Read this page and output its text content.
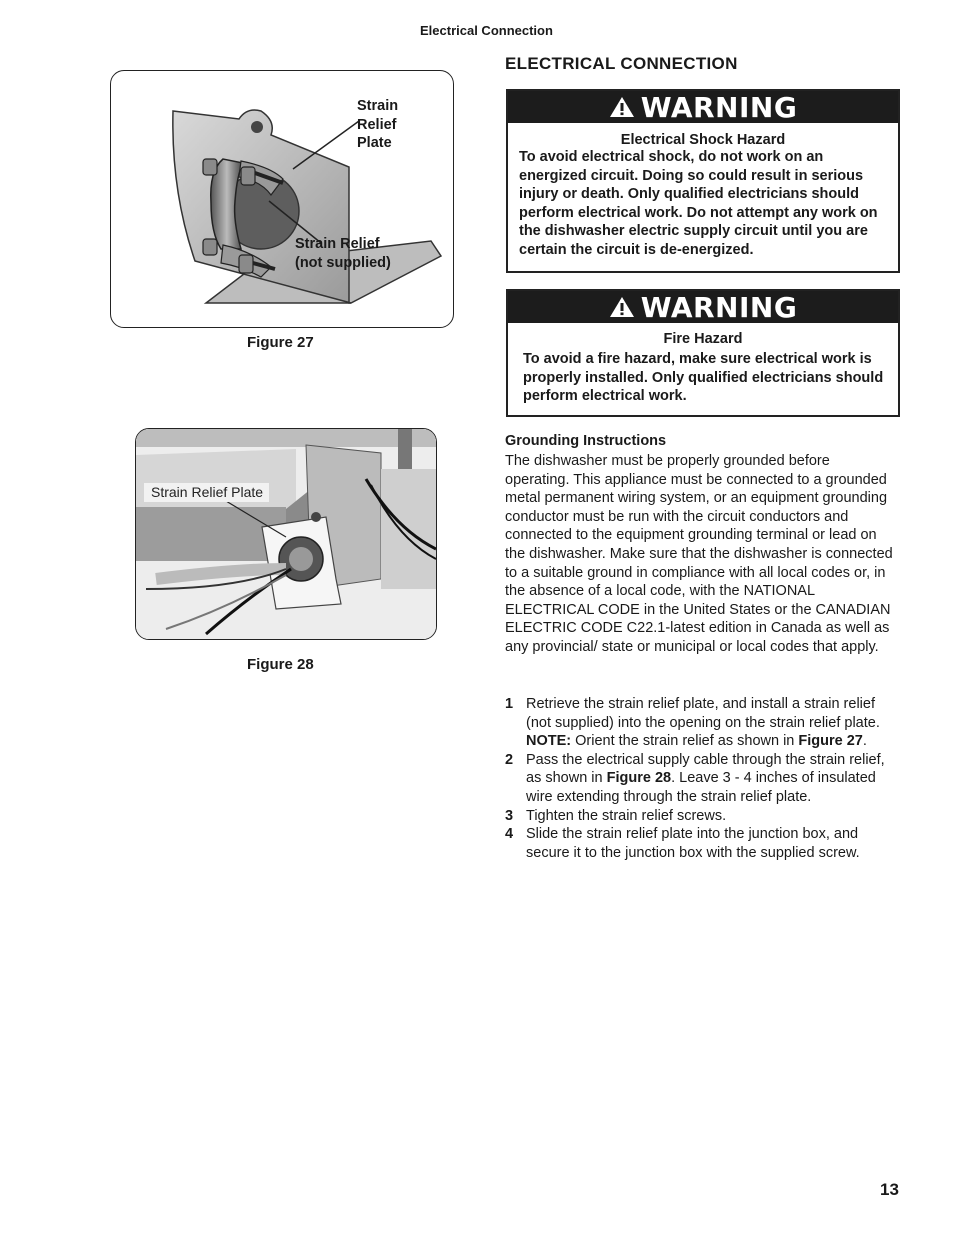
Electrical Connection
ELECTRICAL CONNECTION
Strain
Relief
Plate
Strain Relief
(not supplied)
Figure 27
Strain Relief Plate
Figure 28
WARNING
Electrical Shock Hazard
To avoid electrical shock, do not work on an energized circuit. Doing so could result in serious injury or death. Only qualified electricians should perform electrical work. Do not attempt any work on the dishwasher electric supply circuit until you are certain the circuit is de-energized.
WARNING
Fire Hazard
To avoid a fire hazard, make sure electrical work is properly installed. Only qualified electricians should perform electrical work.
Grounding Instructions
The dishwasher must be properly grounded before operating. This appliance must be connected to a grounded metal permanent wiring system, or an equipment grounding conductor must be run with the circuit conductors and connected to the equipment grounding terminal or lead on the dishwasher. Make sure that the dishwasher is connected to a suitable ground in compliance with all local codes or, in the absence of a local code, with the NATIONAL ELECTRICAL CODE in the United States or the CANADIAN ELECTRIC CODE C22.1-latest edition in Canada as well as any provincial/ state or municipal or local codes that apply.
1 Retrieve the strain relief plate, and install a strain relief (not supplied) into the opening on the strain relief plate. NOTE: Orient the strain relief as shown in Figure 27.
2 Pass the electrical supply cable through the strain relief, as shown in Figure 28. Leave 3 - 4 inches of insulated wire extending through the strain relief plate.
3 Tighten the strain relief screws.
4 Slide the strain relief plate into the junction box, and secure it to the junction box with the supplied screw.
13
